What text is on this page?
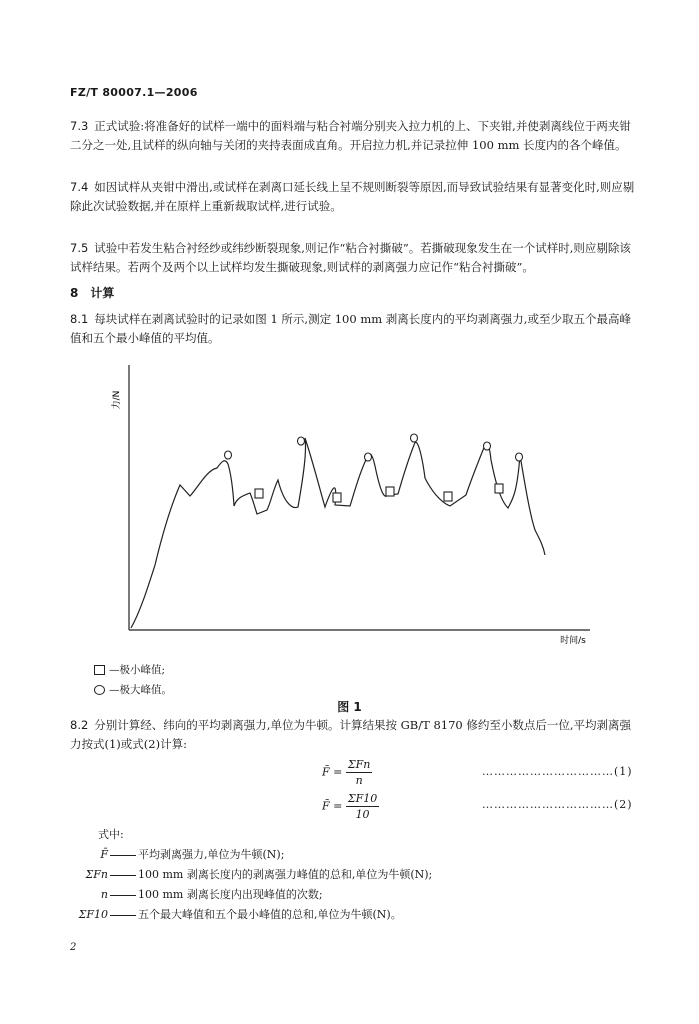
FZ/T 80007.1—2006
7.3 正式试验:将准备好的试样一端中的面料端与粘合衬端分别夹入拉力机的上、下夹钳,并使剥离线位于两夹钳二分之一处,且试样的纵向轴与关闭的夹持表面成直角。开启拉力机,并记录拉伸 100 mm 长度内的各个峰值。
7.4 如因试样从夹钳中滑出,或试样在剥离口延长线上呈不规则断裂等原因,而导致试验结果有显著变化时,则应剔除此次试验数据,并在原样上重新裁取试样,进行试验。
7.5 试验中若发生粘合衬经纱或纬纱断裂现象,则记作“粘合衬撕破”。若撕破现象发生在一个试样时,则应剔除该试样结果。若两个及两个以上试样均发生撕破现象,则试样的剥离强力应记作“粘合衬撕破”。
8 计算
8.1 每块试样在剥离试验时的记录如图 1 所示,测定 100 mm 剥离长度内的平均剥离强力,或至少取五个最高峰值和五个最小峰值的平均值。
力/N
时间/s
—极小峰值;
—极大峰值。
图 1
8.2 分别计算经、纬向的平均剥离强力,单位为牛顿。计算结果按 GB/T 8170 修约至小数点后一位,平均剥离强力按式(1)或式(2)计算:
F̄ = $\frac{\text{ΣFn}}{n}$	……………………………(1)
F̄ = $\frac{\Sigma F10}{10}$	……………………………(2)
式中:
F̄	平均剥离强力,单位为牛顿(N);
ΣFn	100 mm 剥离长度内的剥离强力峰值的总和,单位为牛顿(N);
n	100 mm 剥离长度内出现峰值的次数;
ΣF10	五个最大峰值和五个最小峰值的总和,单位为牛顿(N)。
2
